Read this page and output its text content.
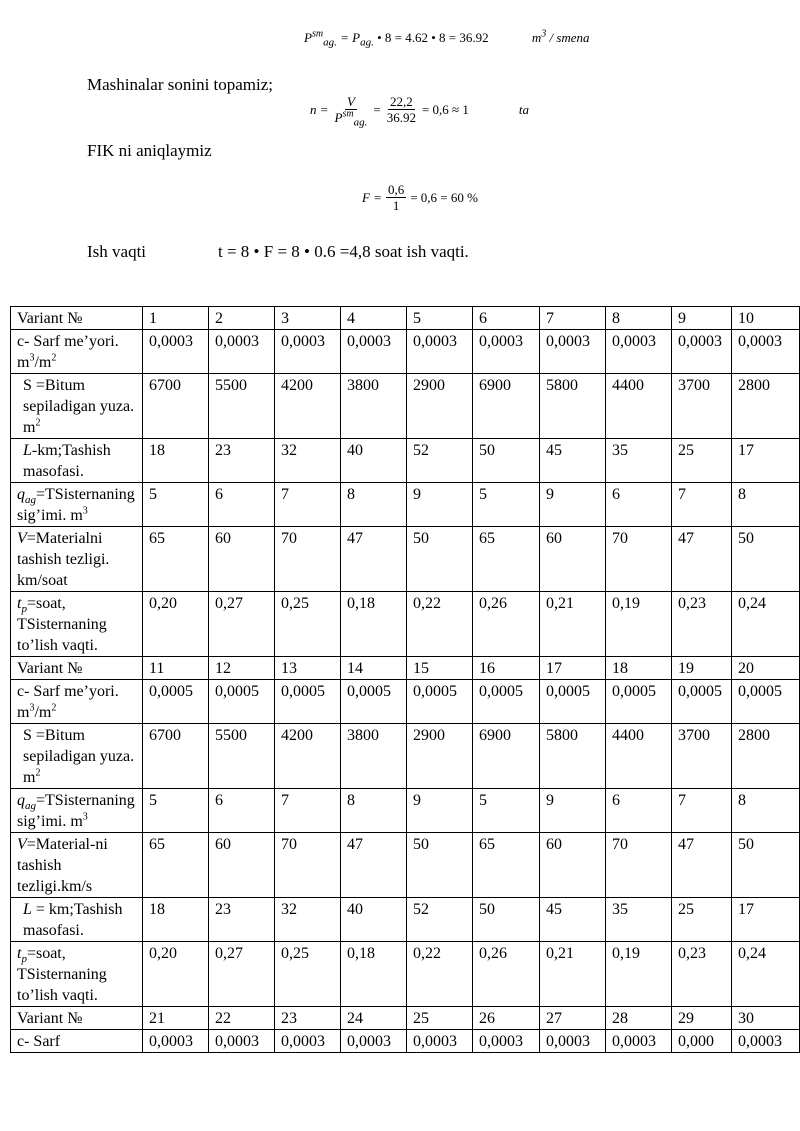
$P^{sm}_{ag.} = P_{ag.}$ • 8 = 4.62 • 8 = 36.92	$m^3$ / smena
Mashinalar sonini topamiz;
$n = \frac{V}{P^{sm}_{ag.}} = \frac{22,2}{36.92} = 0,6 \approx 1$	ta
FIK ni aniqlaymiz
$F = \frac{0,6}{1} = 0,6 = 60$ %
Ish vaqti	t = 8 • F = 8 • 0.6 =4,8 soat ish vaqti.
Variant №	1	2	3	4	5	6	7	8	9	10
c- Sarf me’yori. $m^3/m^2$	0,0003	0,0003	0,0003	0,0003	0,0003	0,0003	0,0003	0,0003	0,0003	0,0003
S =Bitum sepiladigan yuza. $m^2$	6700	5500	4200	3800	2900	6900	5800	4400	3700	2800
L-km;Tashish masofasi.	18	23	32	40	52	50	45	35	25	17
$q_{ag}=TSisternaning$ sig’imi. $m^3$	5	6	7	8	9	5	9	6	7	8
V=Materialni tashish tezligi. km/soat	65	60	70	47	50	65	60	70	47	50
$t_p=soat$, TSisternaning to’lish vaqti.	0,20	0,27	0,25	0,18	0,22	0,26	0,21	0,19	0,23	0,24
Variant №	11	12	13	14	15	16	17	18	19	20
c- Sarf me’yori. $m^3/m^2$	0,0005	0,0005	0,0005	0,0005	0,0005	0,0005	0,0005	0,0005	0,0005	0,0005
S =Bitum sepiladigan yuza. $m^2$	6700	5500	4200	3800	2900	6900	5800	4400	3700	2800
$q_{ag}=TSisternaning$ sig’imi. $m^3$	5	6	7	8	9	5	9	6	7	8
V=Material-ni tashish tezligi.km/s	65	60	70	47	50	65	60	70	47	50
L = km;Tashish masofasi.	18	23	32	40	52	50	45	35	25	17
$t_p=soat$, TSisternaning to’lish vaqti.	0,20	0,27	0,25	0,18	0,22	0,26	0,21	0,19	0,23	0,24
Variant №	21	22	23	24	25	26	27	28	29	30
c- Sarf	0,0003	0,0003	0,0003	0,0003	0,0003	0,0003	0,0003	0,0003	0,000	0,0003
